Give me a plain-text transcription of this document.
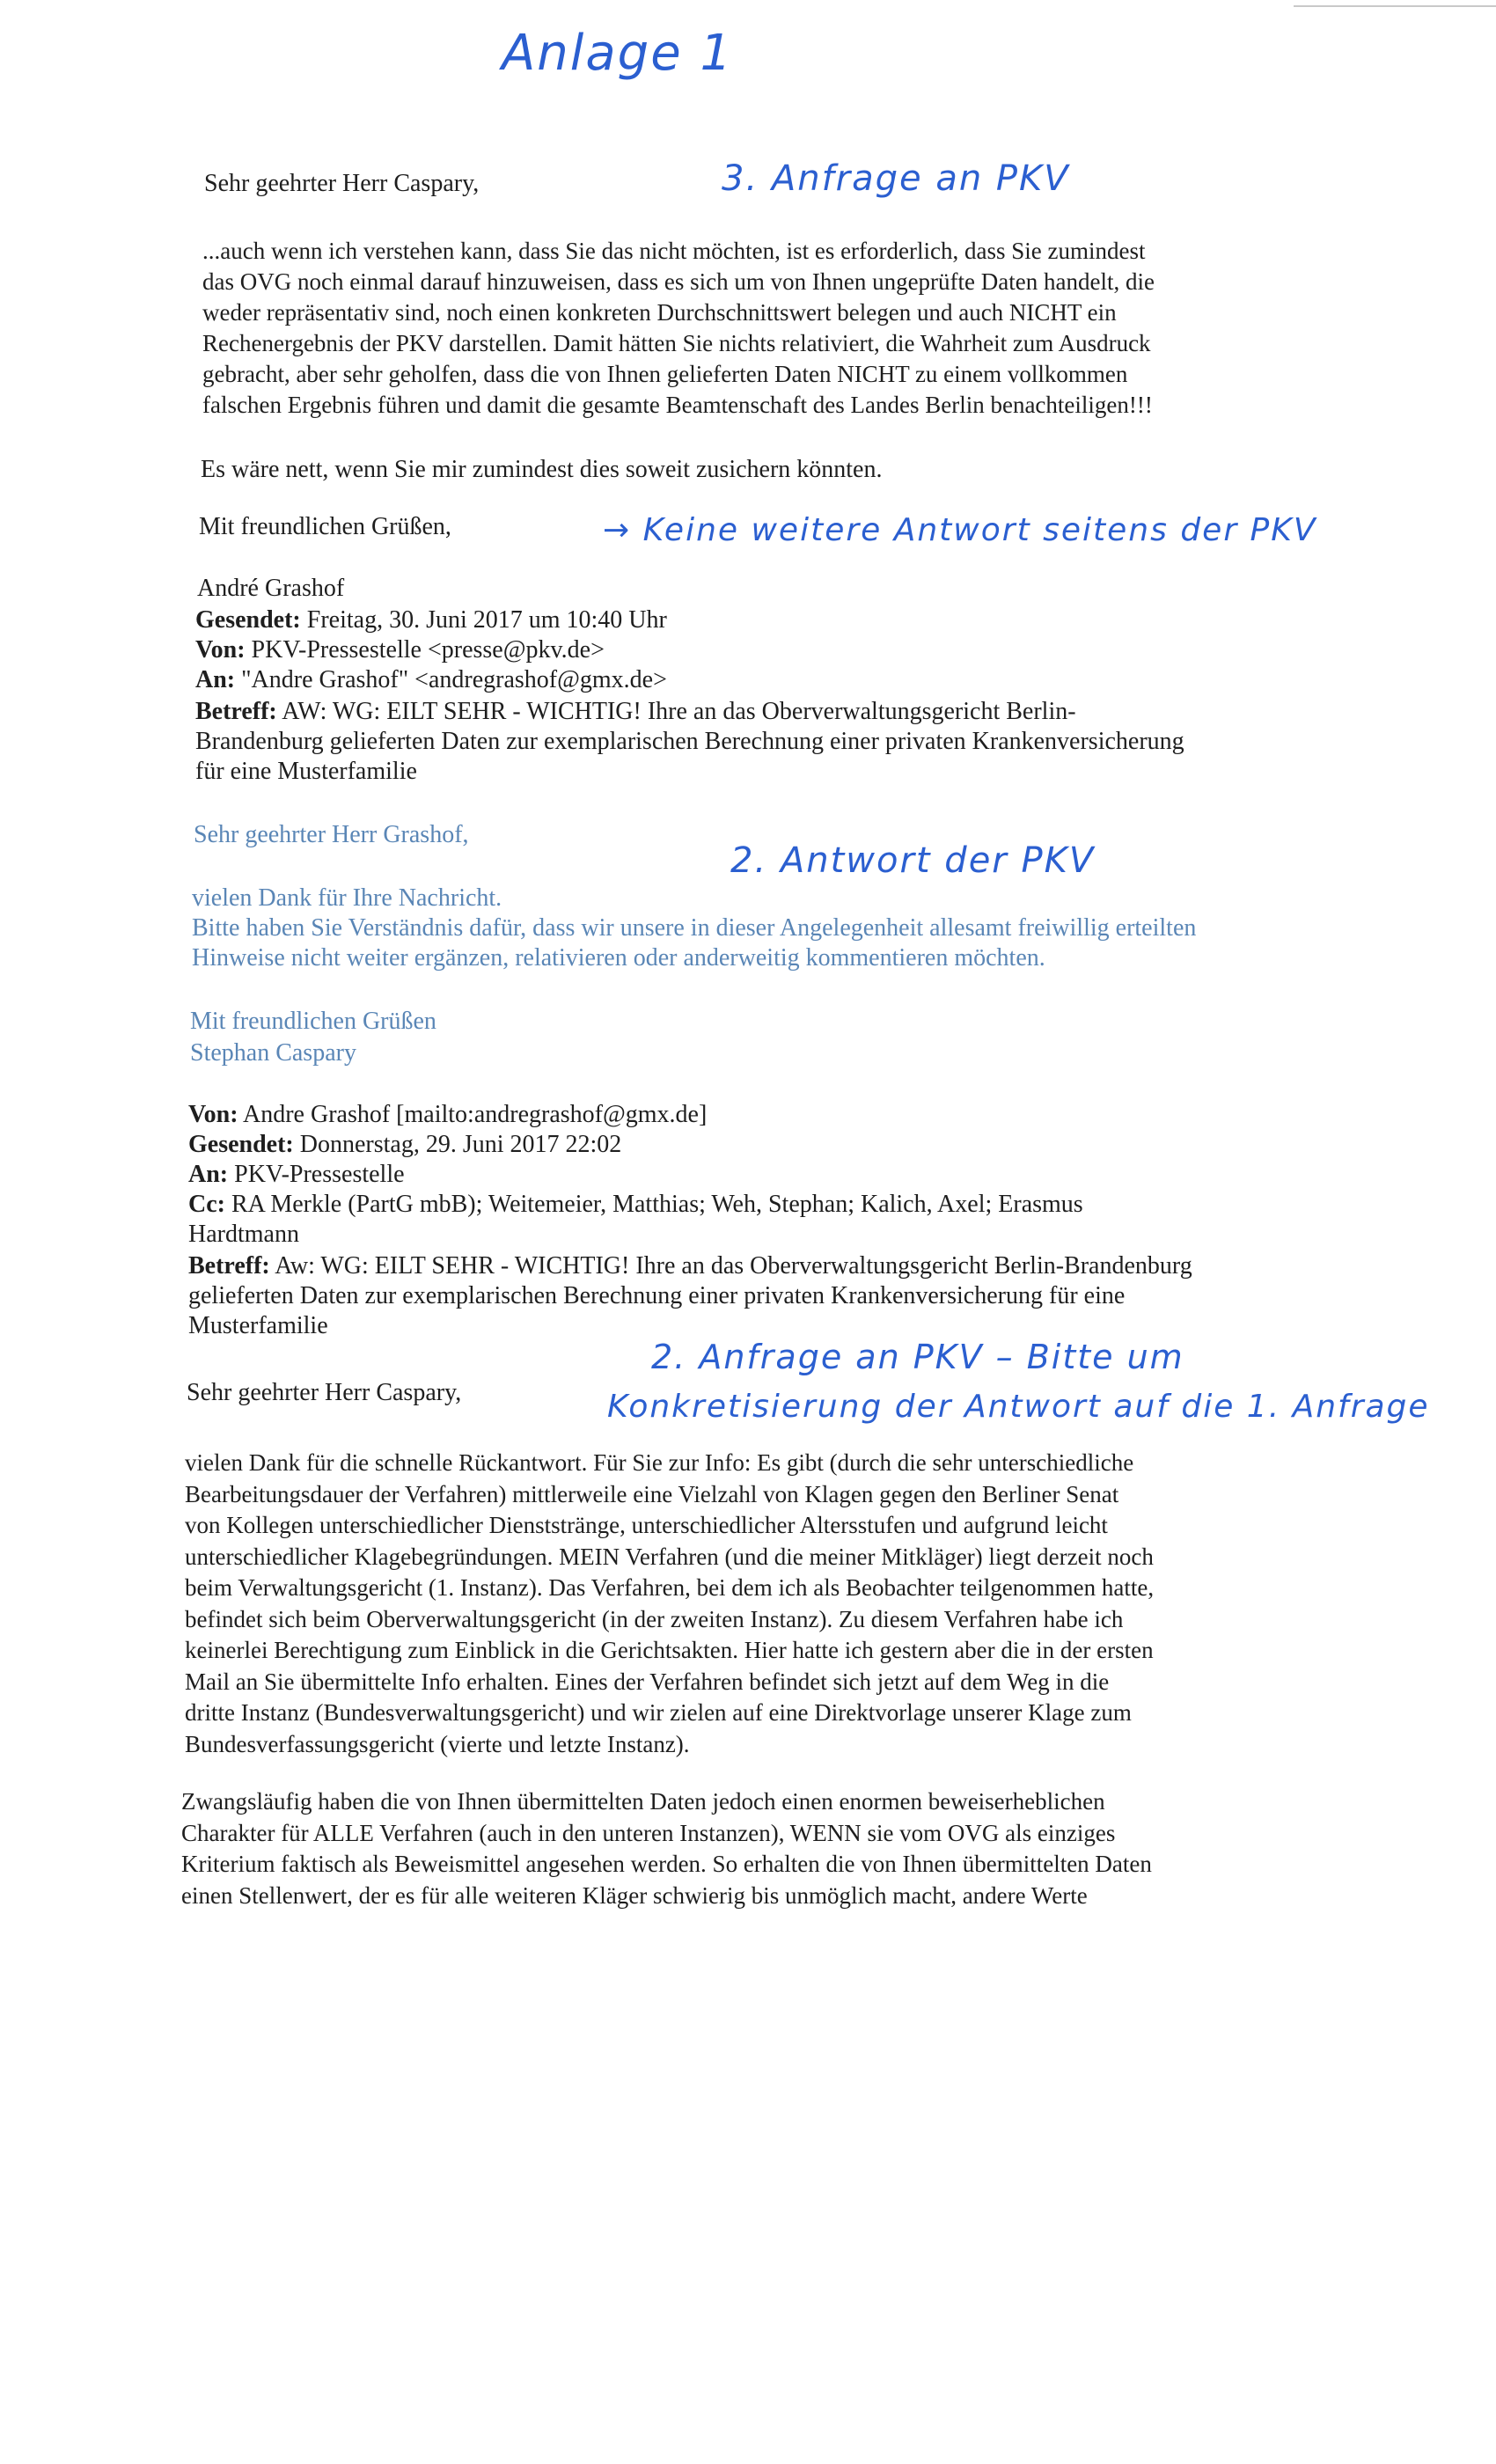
Anlage 1
3. Anfrage an PKV
→ Keine weitere Antwort seitens der PKV
2. Antwort der PKV
2. Anfrage an PKV – Bitte um
Konkretisierung der Antwort auf die 1. Anfrage
Sehr geehrter Herr Caspary,
...auch wenn ich verstehen kann, dass Sie das nicht möchten, ist es erforderlich, dass Sie zumindest
das OVG noch einmal darauf hinzuweisen, dass es sich um von Ihnen ungeprüfte Daten handelt, die
weder repräsentativ sind, noch einen konkreten Durchschnittswert belegen und auch NICHT ein
Rechenergebnis der PKV darstellen. Damit hätten Sie nichts relativiert, die Wahrheit zum Ausdruck
gebracht, aber sehr geholfen, dass die von Ihnen gelieferten Daten NICHT zu einem vollkommen
falschen Ergebnis führen und damit die gesamte Beamtenschaft des Landes Berlin benachteiligen!!!
Es wäre nett, wenn Sie mir zumindest dies soweit zusichern könnten.
Mit freundlichen Grüßen,
André Grashof
Gesendet: Freitag, 30. Juni 2017 um 10:40 Uhr
Von: PKV-Pressestelle <presse@pkv.de>
An: "Andre Grashof" <andregrashof@gmx.de>
Betreff: AW: WG: EILT SEHR - WICHTIG! Ihre an das Oberverwaltungsgericht Berlin-
Brandenburg gelieferten Daten zur exemplarischen Berechnung einer privaten Krankenversicherung
für eine Musterfamilie
Sehr geehrter Herr Grashof,
vielen Dank für Ihre Nachricht.
Bitte haben Sie Verständnis dafür, dass wir unsere in dieser Angelegenheit allesamt freiwillig erteilten
Hinweise nicht weiter ergänzen, relativieren oder anderweitig kommentieren möchten.
Mit freundlichen Grüßen
Stephan Caspary
Von: Andre Grashof [mailto:andregrashof@gmx.de]
Gesendet: Donnerstag, 29. Juni 2017 22:02
An: PKV-Pressestelle
Cc: RA Merkle (PartG mbB); Weitemeier, Matthias; Weh, Stephan; Kalich, Axel; Erasmus
Hardtmann
Betreff: Aw: WG: EILT SEHR - WICHTIG! Ihre an das Oberverwaltungsgericht Berlin-Brandenburg
gelieferten Daten zur exemplarischen Berechnung einer privaten Krankenversicherung für eine
Musterfamilie
Sehr geehrter Herr Caspary,
vielen Dank für die schnelle Rückantwort. Für Sie zur Info: Es gibt (durch die sehr unterschiedliche
Bearbeitungsdauer der Verfahren) mittlerweile eine Vielzahl von Klagen gegen den Berliner Senat
von Kollegen unterschiedlicher Dienststränge, unterschiedlicher Altersstufen und aufgrund leicht
unterschiedlicher Klagebegründungen. MEIN Verfahren (und die meiner Mitkläger) liegt derzeit noch
beim Verwaltungsgericht (1. Instanz). Das Verfahren, bei dem ich als Beobachter teilgenommen hatte,
befindet sich beim Oberverwaltungsgericht (in der zweiten Instanz). Zu diesem Verfahren habe ich
keinerlei Berechtigung zum Einblick in die Gerichtsakten. Hier hatte ich gestern aber die in der ersten
Mail an Sie übermittelte Info erhalten. Eines der Verfahren befindet sich jetzt auf dem Weg in die
dritte Instanz (Bundesverwaltungsgericht) und wir zielen auf eine Direktvorlage unserer Klage zum
Bundesverfassungsgericht (vierte und letzte Instanz).
Zwangsläufig haben die von Ihnen übermittelten Daten jedoch einen enormen beweiserheblichen
Charakter für ALLE Verfahren (auch in den unteren Instanzen), WENN sie vom OVG als einziges
Kriterium faktisch als Beweismittel angesehen werden. So erhalten die von Ihnen übermittelten Daten
einen Stellenwert, der es für alle weiteren Kläger schwierig bis unmöglich macht, andere Werte
